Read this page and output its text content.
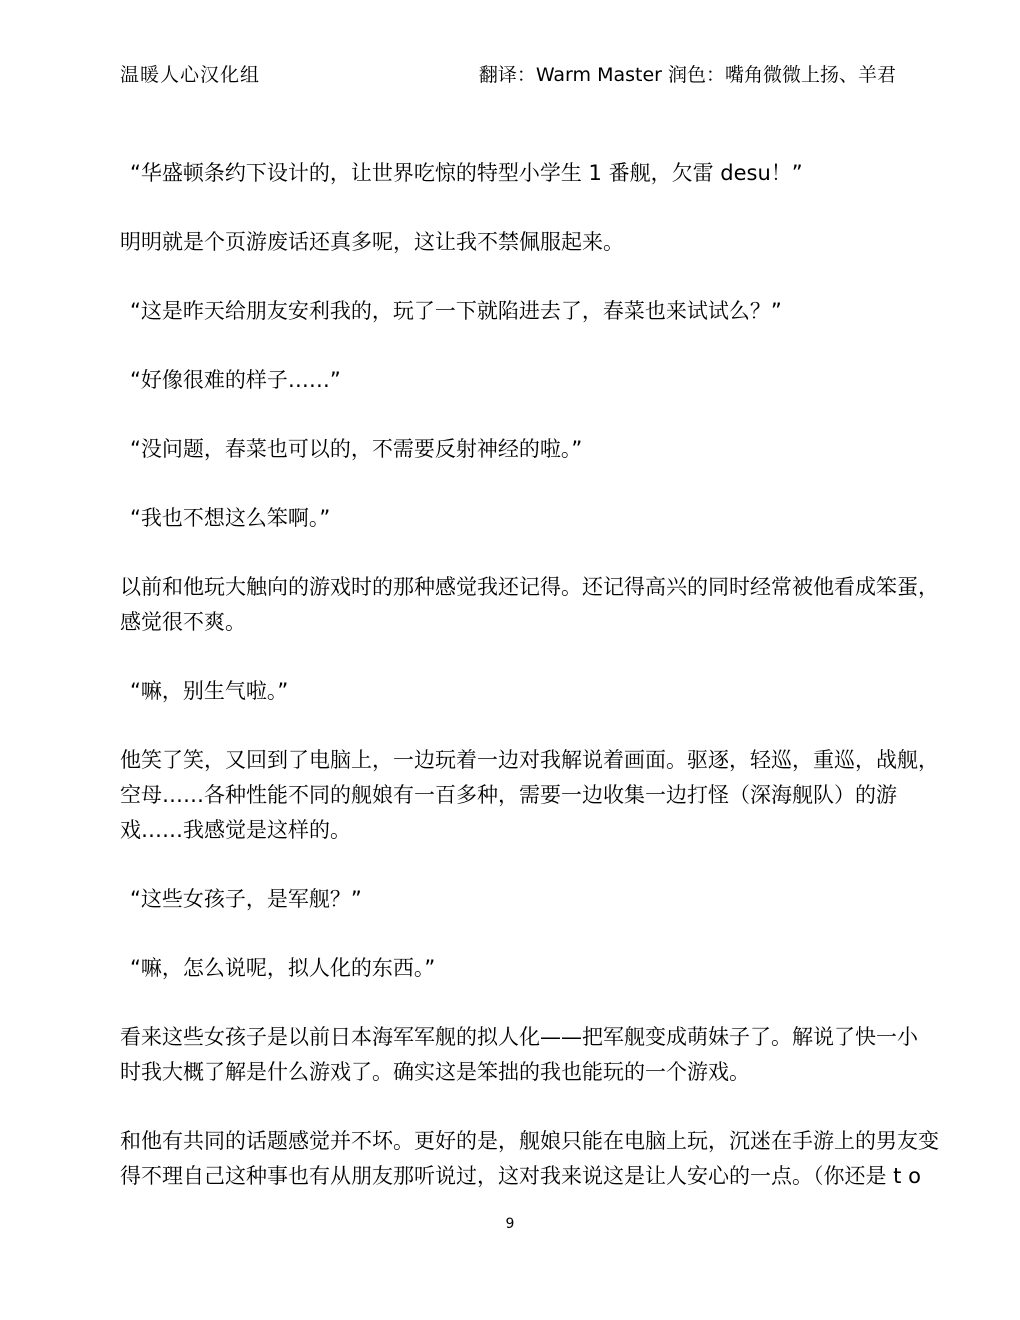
温暖人心汉化组	翻译：Warm Master 润色：嘴角微微上扬、羊君
“华盛顿条约下设计的，让世界吃惊的特型小学生 1 番舰，欠雷 desu！”
明明就是个页游废话还真多呢，这让我不禁佩服起来。
“这是昨天给朋友安利我的，玩了一下就陷进去了，春菜也来试试么？”
“好像很难的样子……”
“没问题，春菜也可以的，不需要反射神经的啦。”
“我也不想这么笨啊。”
以前和他玩大触向的游戏时的那种感觉我还记得。还记得高兴的同时经常被他看成笨蛋，
感觉很不爽。
“嘛，别生气啦。”
他笑了笑，又回到了电脑上，一边玩着一边对我解说着画面。驱逐，轻巡，重巡，战舰，
空母……各种性能不同的舰娘有一百多种，需要一边收集一边打怪（深海舰队）的游
戏……我感觉是这样的。
“这些女孩子，是军舰？”
“嘛，怎么说呢，拟人化的东西。”
看来这些女孩子是以前日本海军军舰的拟人化——把军舰变成萌妹子了。解说了快一小
时我大概了解是什么游戏了。确实这是笨拙的我也能玩的一个游戏。
和他有共同的话题感觉并不坏。更好的是，舰娘只能在电脑上玩，沉迷在手游上的男友变
得不理自己这种事也有从朋友那听说过，这对我来说这是让人安心的一点。（你还是 t o
9
